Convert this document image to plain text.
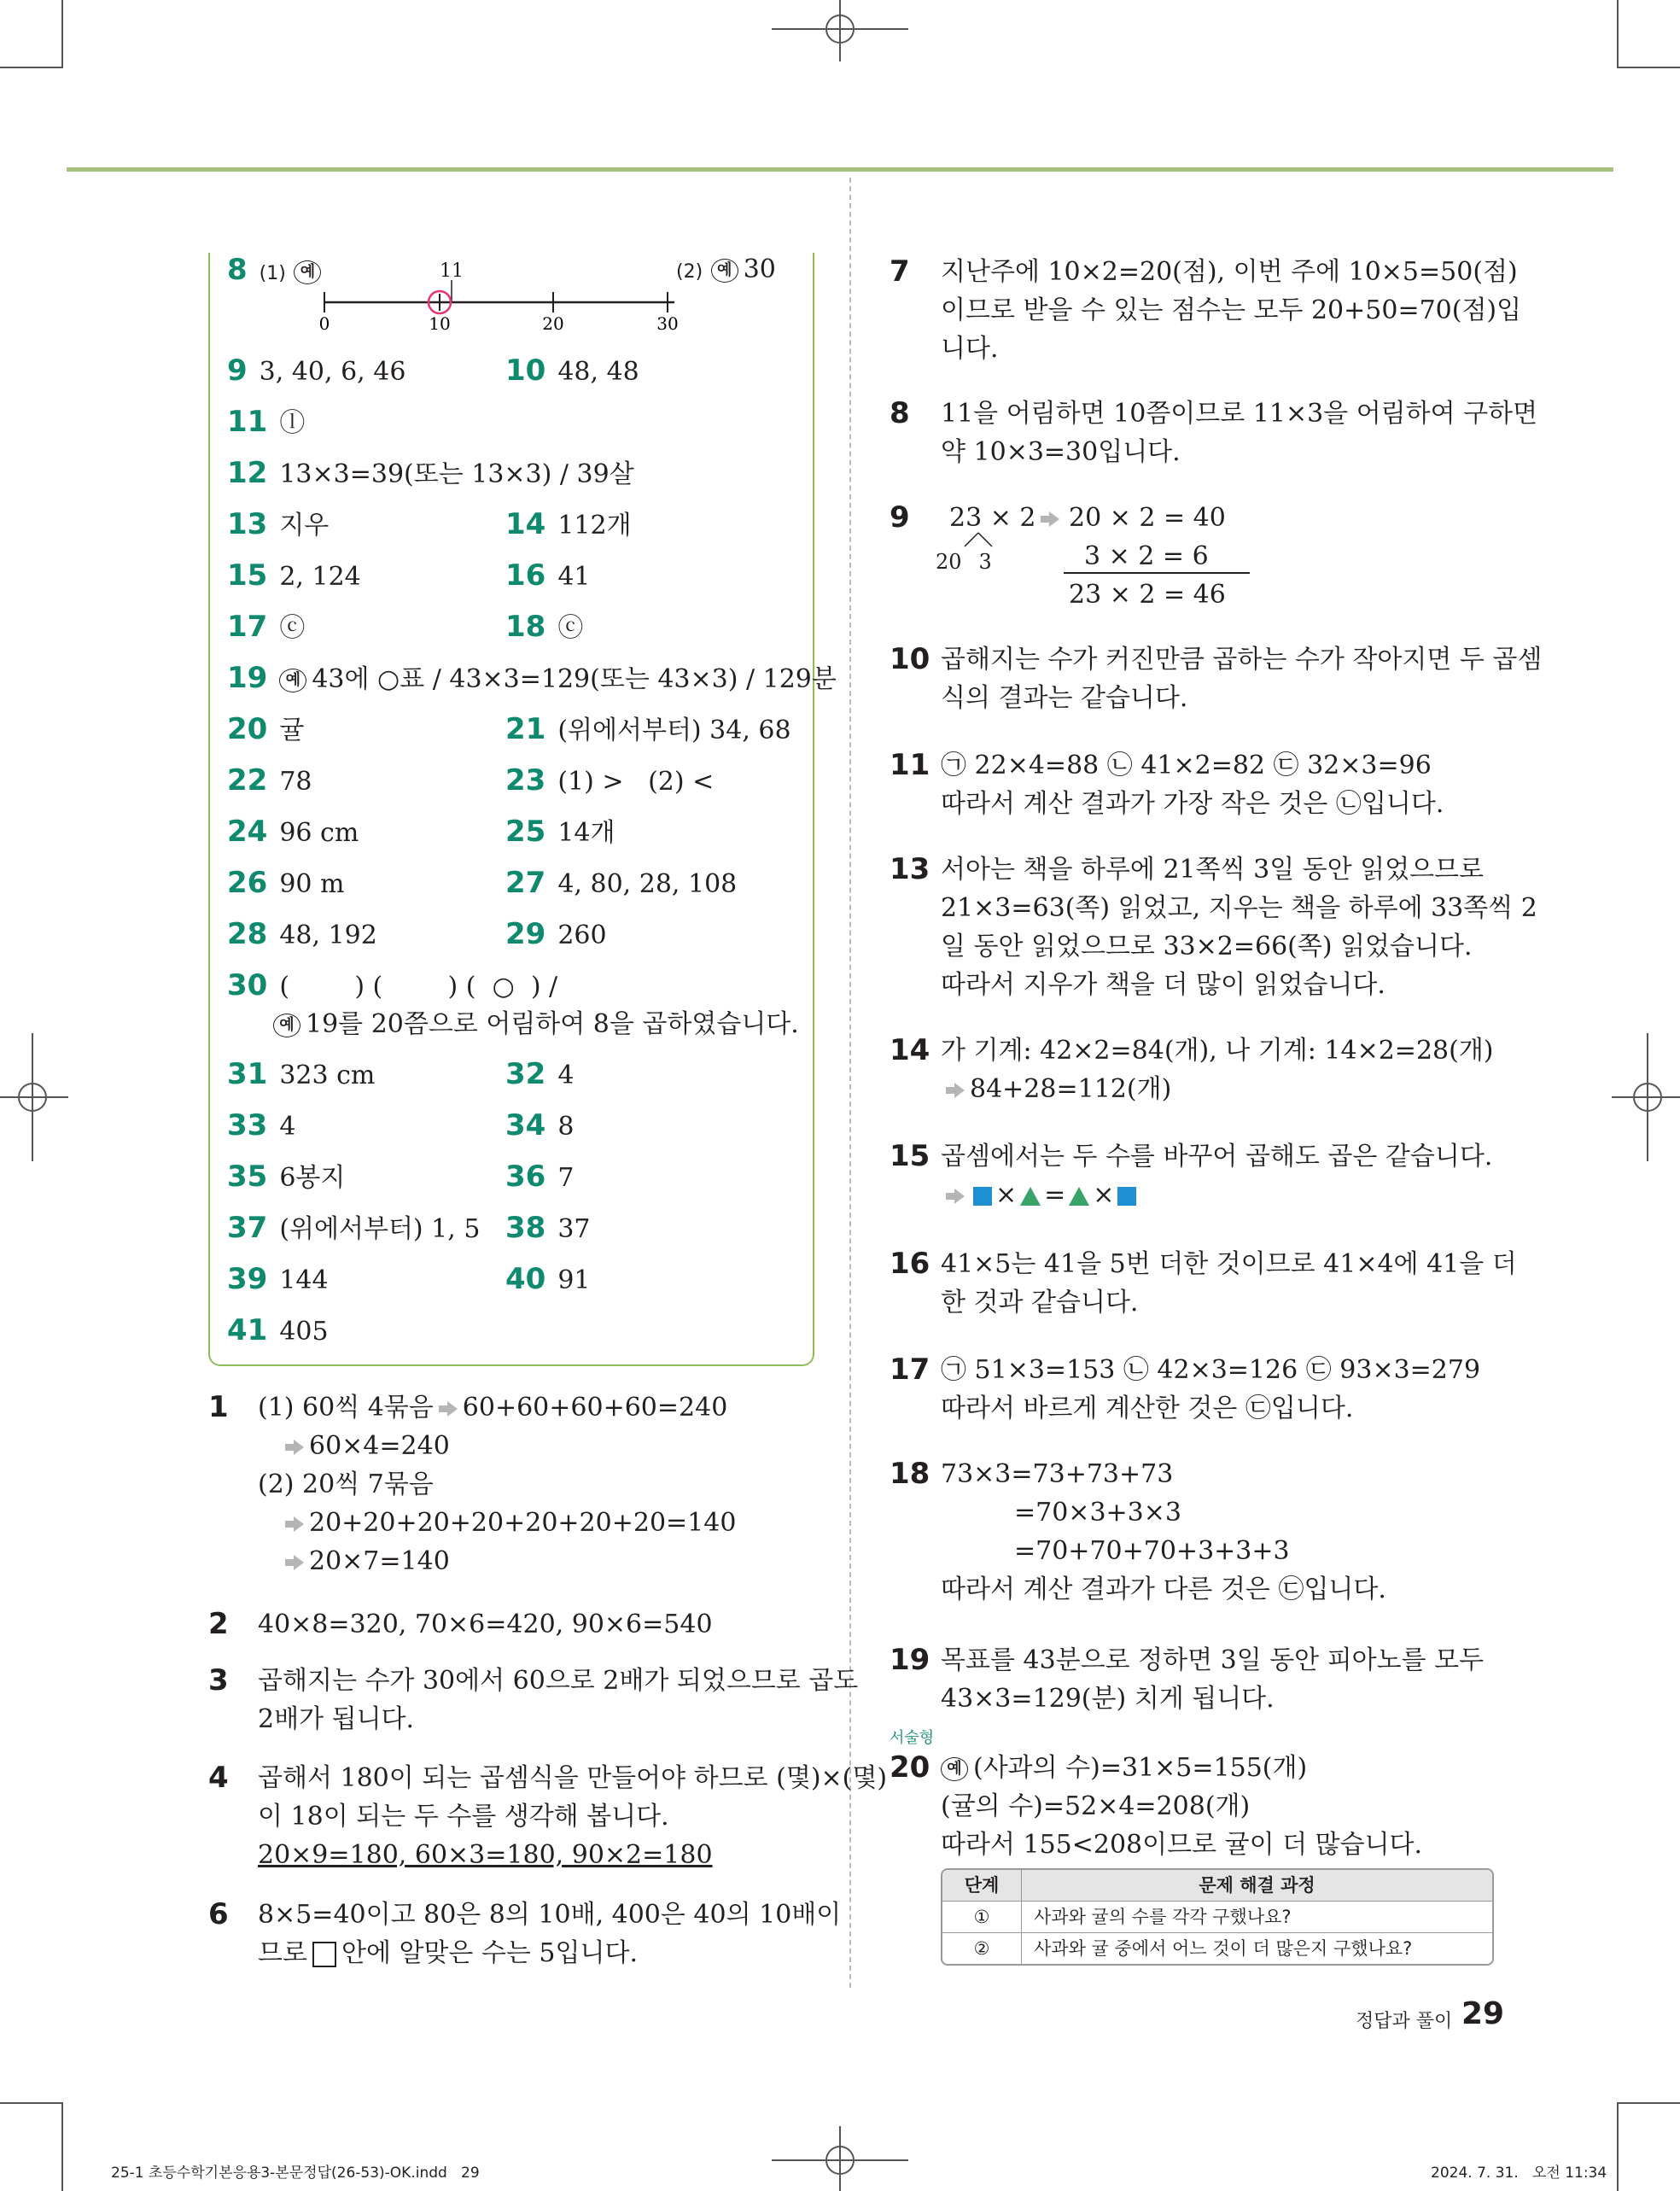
8 (1) 예	(2) 예 30
11
0	10	20	30
9 3, 40, 6, 46	10 48, 48
11 ⓛ
12 13×3=39(또는 13×3) / 39살
13 지우	14 112개
15 2, 124	16 41
17 ⓒ	18 ⓒ
19 예 43에 ○표 / 43×3=129(또는 43×3) / 129분
20 귤	21 (위에서부터) 34, 68
22 78	23 (1) >   (2) <
24 96 cm	25 14개
26 90 m	27 4, 80, 28, 108
28 48, 192	29 260
30 (        ) (        ) (  ○  ) /
예 19를 20쯤으로 어림하여 8을 곱하였습니다.
31 323 cm	32 4
33 4	34 8
35 6봉지	36 7
37 (위에서부터) 1, 5 38 37
39 144	40 91
41 405
1 (1) 60씩 4묶음 60+60+60+60=240
60×4=240
(2) 20씩 7묶음
20+20+20+20+20+20+20=140
20×7=140
2 40×8=320, 70×6=420, 90×6=540
3 곱해지는 수가 30에서 60으로 2배가 되었으므로 곱도
2배가 됩니다.
4 곱해서 180이 되는 곱셈식을 만들어야 하므로 (몇)×(몇)
이 18이 되는 두 수를 생각해 봅니다.
20×9=180, 60×3=180, 90×2=180
6 8×5=40이고 80은 8의 10배, 400은 40의 10배이
므로 안에 알맞은 수는 5입니다.
7 지난주에 10×2=20(점), 이번 주에 10×5=50(점)
이므로 받을 수 있는 점수는 모두 20+50=70(점)입
니다.
8 11을 어림하면 10쯤이므로 11×3을 어림하여 구하면
약 10×3=30입니다.
9 23 × 2
20 3
20 × 2 = 40
3 × 2 = 6
23 × 2 = 46
10 곱해지는 수가 커진만큼 곱하는 수가 작아지면 두 곱셈
식의 결과는 같습니다.
11 ㉠ 22×4=88 ㉡ 41×2=82 ㉢ 32×3=96
따라서 계산 결과가 가장 작은 것은 ㉡입니다.
13 서아는 책을 하루에 21쪽씩 3일 동안 읽었으므로
21×3=63(쪽) 읽었고, 지우는 책을 하루에 33쪽씩 2
일 동안 읽었으므로 33×2=66(쪽) 읽었습니다.
따라서 지우가 책을 더 많이 읽었습니다.
14 가 기계: 42×2=84(개), 나 기계: 14×2=28(개)
84+28=112(개)
15 곱셈에서는 두 수를 바꾸어 곱해도 곱은 같습니다.
× = ×
16 41×5는 41을 5번 더한 것이므로 41×4에 41을 더
한 것과 같습니다.
17 ㉠ 51×3=153 ㉡ 42×3=126 ㉢ 93×3=279
따라서 바르게 계산한 것은 ㉢입니다.
18 73×3=73+73+73
=70×3+3×3
=70+70+70+3+3+3
따라서 계산 결과가 다른 것은 ㉢입니다.
19 목표를 43분으로 정하면 3일 동안 피아노를 모두
43×3=129(분) 치게 됩니다.
서술형
20	예 (사과의 수)=31×5=155(개)
(귤의 수)=52×4=208(개)
따라서 155<208이므로 귤이 더 많습니다.
단계	문제 해결 과정
①	사과와 귤의 수를 각각 구했나요?
②	사과와 귤 중에서 어느 것이 더 많은지 구했나요?
정답과 풀이 29
25-1 초등수학기본응용3-본문정답(26-53)-OK.indd   29	2024. 7. 31.   오전 11:34
